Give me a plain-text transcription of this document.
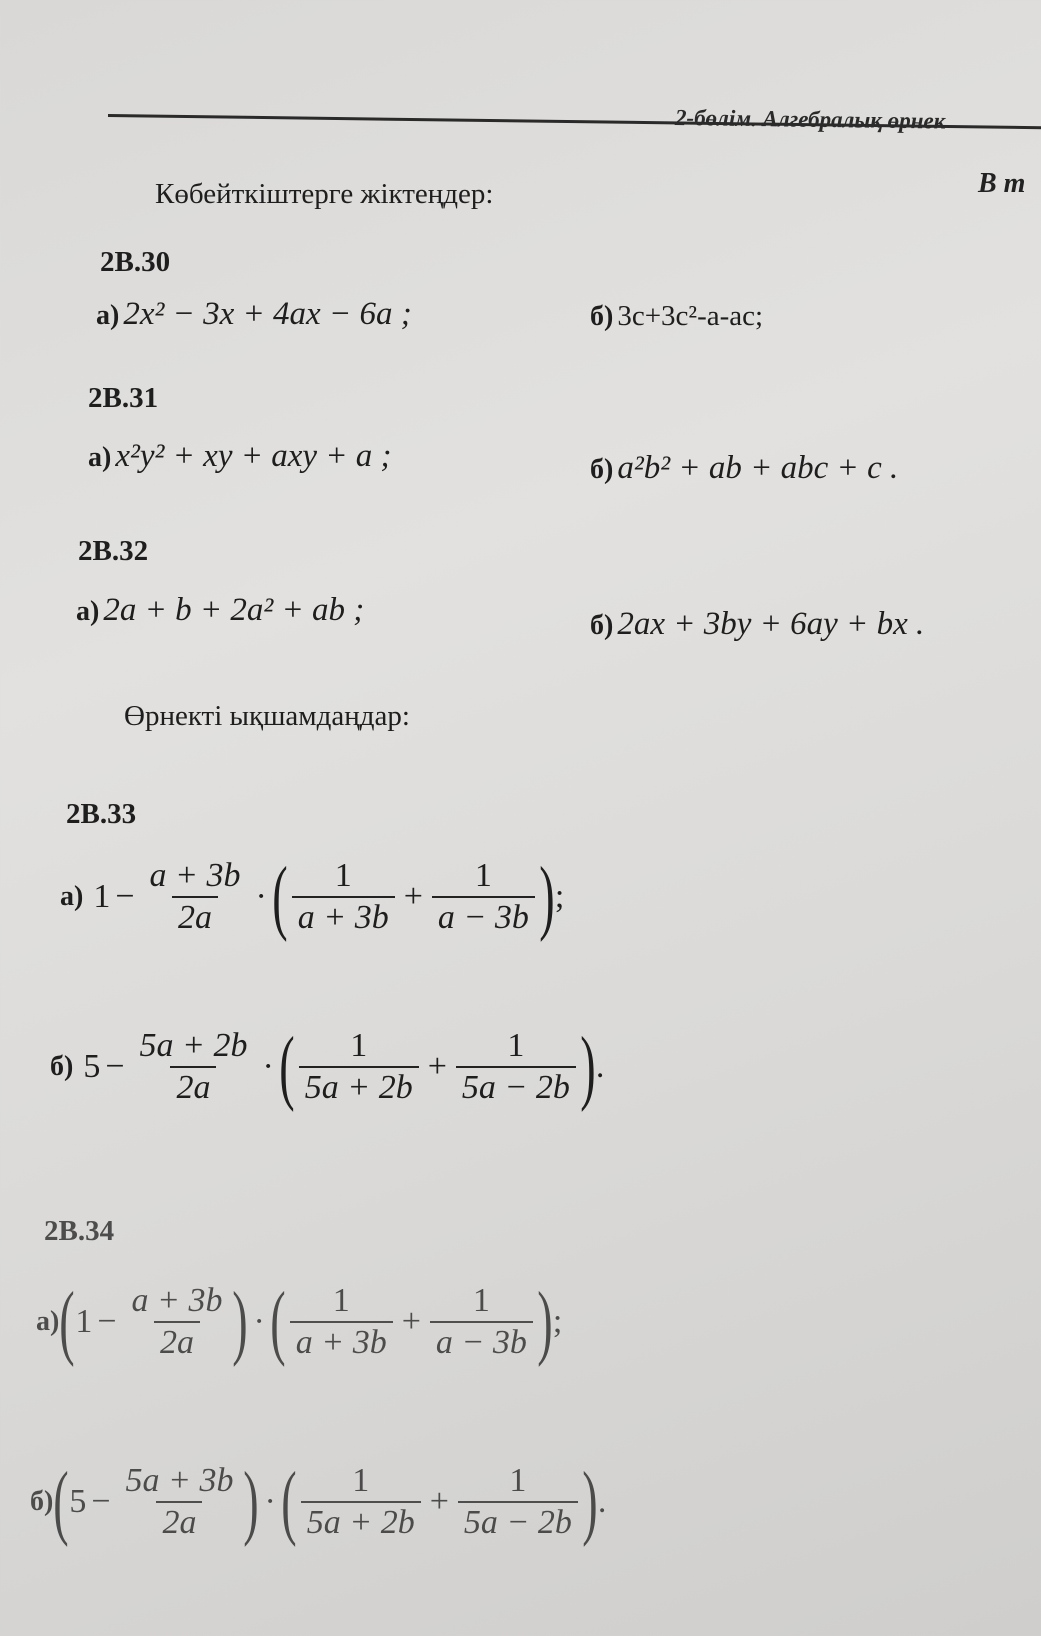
2-бөлім. Алгебралық өрнек
В т
Көбейткіштерге жіктеңдер:
2B.30
а) 2x² − 3x + 4ax − 6a ;	б) 3c+3c²-a-ac;
2B.31
а) x²y² + xy + axy + a ;	б) a²b² + ab + abc + c .
2B.32
а) 2a + b + 2a² + ab ;	б) 2ax + 3by + 6ay + bx .
Өрнекті ықшамдаңдар:
2B.33
а) $1 - \frac{a + 3b}{2a}$ · ( $\frac{1}{a + 3b} + \frac{1}{a - 3b}$ ) ;
б) $5 - \frac{5a + 2b}{2a}$ · ( $\frac{1}{5a + 2b} + \frac{1}{5a - 2b}$ ) .
2B.34
а) ( $1 - \frac{a + 3b}{2a}$ ) · ( $\frac{1}{a + 3b} + \frac{1}{a - 3b}$ ) ;
б) ( $5 - \frac{5a + 3b}{2a}$ ) · ( $\frac{1}{5a + 2b} + \frac{1}{5a - 2b}$ ) .
